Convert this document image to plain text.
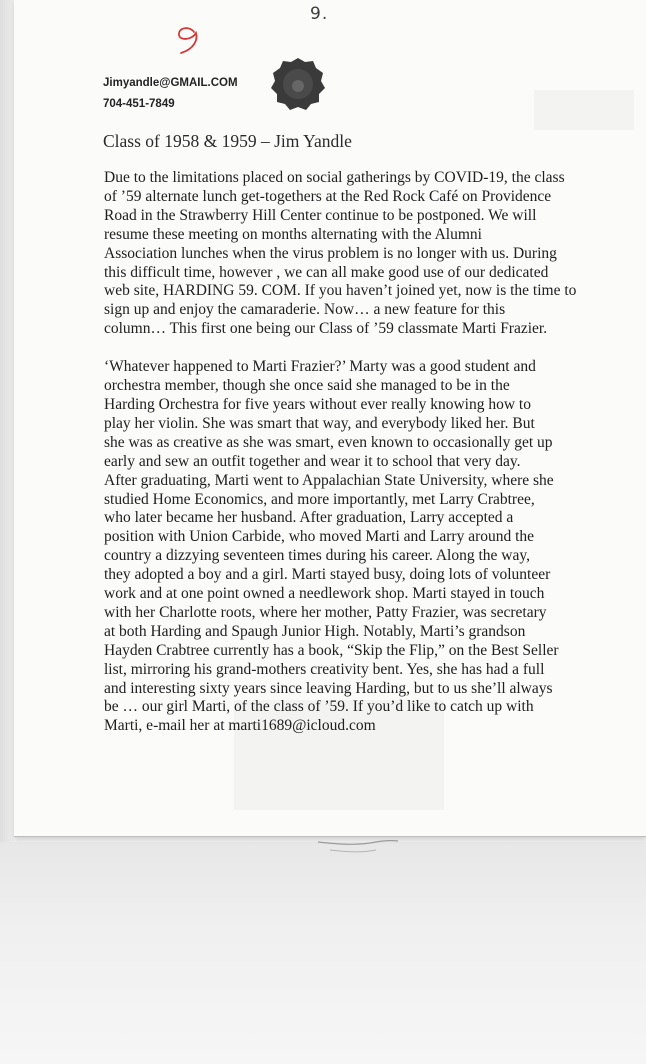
9.
Jimyandle@GMAIL.COM
704-451-7849
Class of 1958 & 1959 – Jim Yandle
Due to the limitations placed on social gatherings by COVID-19, the class
of ’59 alternate lunch get-togethers at the Red Rock Café on Providence
Road in the Strawberry Hill Center continue to be postponed. We will
resume these meeting on months alternating with the Alumni
Association lunches when the virus problem is no longer with us. During
this difficult time, however , we can all make good use of our dedicated
web site, HARDING 59. COM. If you haven’t joined yet, now is the time to
sign up and enjoy the camaraderie. Now… a new feature for this
column… This first one being our Class of ’59 classmate Marti Frazier.
‘Whatever happened to Marti Frazier?’ Marty was a good student and
orchestra member, though she once said she managed to be in the
Harding Orchestra for five years without ever really knowing how to
play her violin. She was smart that way, and everybody liked her. But
she was as creative as she was smart, even known to occasionally get up
early and sew an outfit together and wear it to school that very day.
After graduating, Marti went to Appalachian State University, where she
studied Home Economics, and more importantly, met Larry Crabtree,
who later became her husband. After graduation, Larry accepted a
position with Union Carbide, who moved Marti and Larry around the
country a dizzying seventeen times during his career. Along the way,
they adopted a boy and a girl. Marti stayed busy, doing lots of volunteer
work and at one point owned a needlework shop. Marti stayed in touch
with her Charlotte roots, where her mother, Patty Frazier, was secretary
at both Harding and Spaugh Junior High. Notably, Marti’s grandson
Hayden Crabtree currently has a book, “Skip the Flip,” on the Best Seller
list, mirroring his grand-mothers creativity bent. Yes, she has had a full
and interesting sixty years since leaving Harding, but to us she’ll always
be … our girl Marti, of the class of ’59. If you’d like to catch up with
Marti, e-mail her at marti1689@icloud.com
